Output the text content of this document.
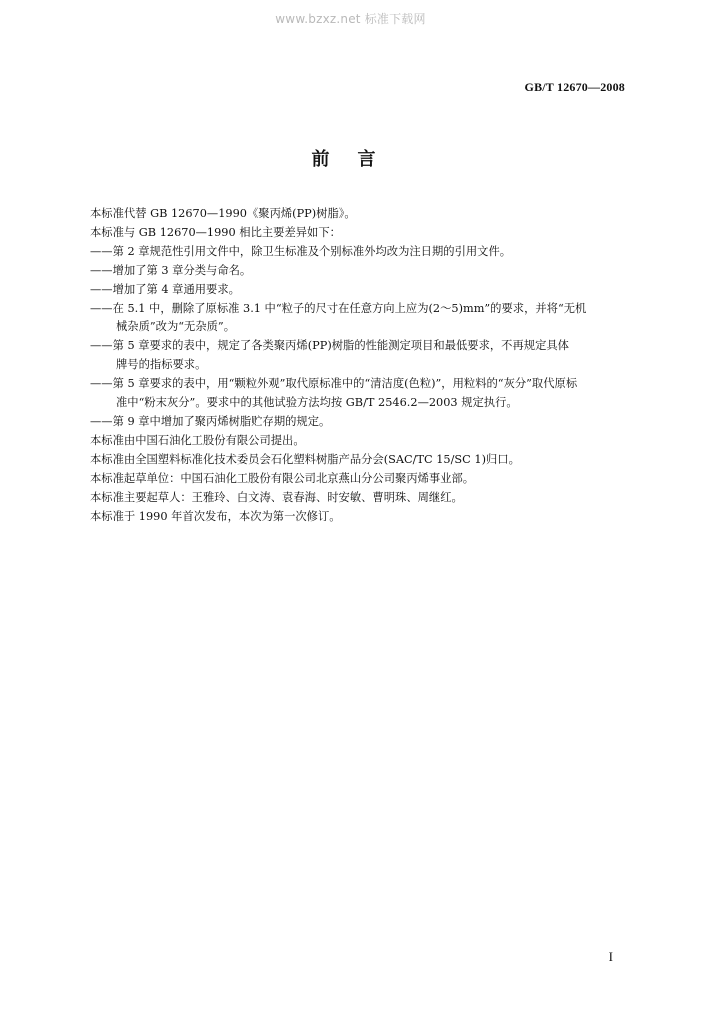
www.bzxz.net 标准下载网
GB/T 12670—2008
前言
本标准代替 GB 12670—1990《聚丙烯(PP)树脂》。
本标准与 GB 12670—1990 相比主要差异如下：
——第 2 章规范性引用文件中，除卫生标准及个别标准外均改为注日期的引用文件。
——增加了第 3 章分类与命名。
——增加了第 4 章通用要求。
——在 5.1 中，删除了原标准 3.1 中“粒子的尺寸在任意方向上应为(2～5)mm”的要求，并将“无机
械杂质”改为“无杂质”。
——第 5 章要求的表中，规定了各类聚丙烯(PP)树脂的性能测定项目和最低要求，不再规定具体
牌号的指标要求。
——第 5 章要求的表中，用“颗粒外观”取代原标准中的“清洁度(色粒)”，用粒料的“灰分”取代原标
准中“粉末灰分”。要求中的其他试验方法均按 GB/T 2546.2—2003 规定执行。
——第 9 章中增加了聚丙烯树脂贮存期的规定。
本标准由中国石油化工股份有限公司提出。
本标准由全国塑料标准化技术委员会石化塑料树脂产品分会(SAC/TC 15/SC 1)归口。
本标准起草单位：中国石油化工股份有限公司北京燕山分公司聚丙烯事业部。
本标准主要起草人：王雅玲、白文涛、袁春海、时安敏、曹明珠、周继红。
本标准于 1990 年首次发布，本次为第一次修订。
I
